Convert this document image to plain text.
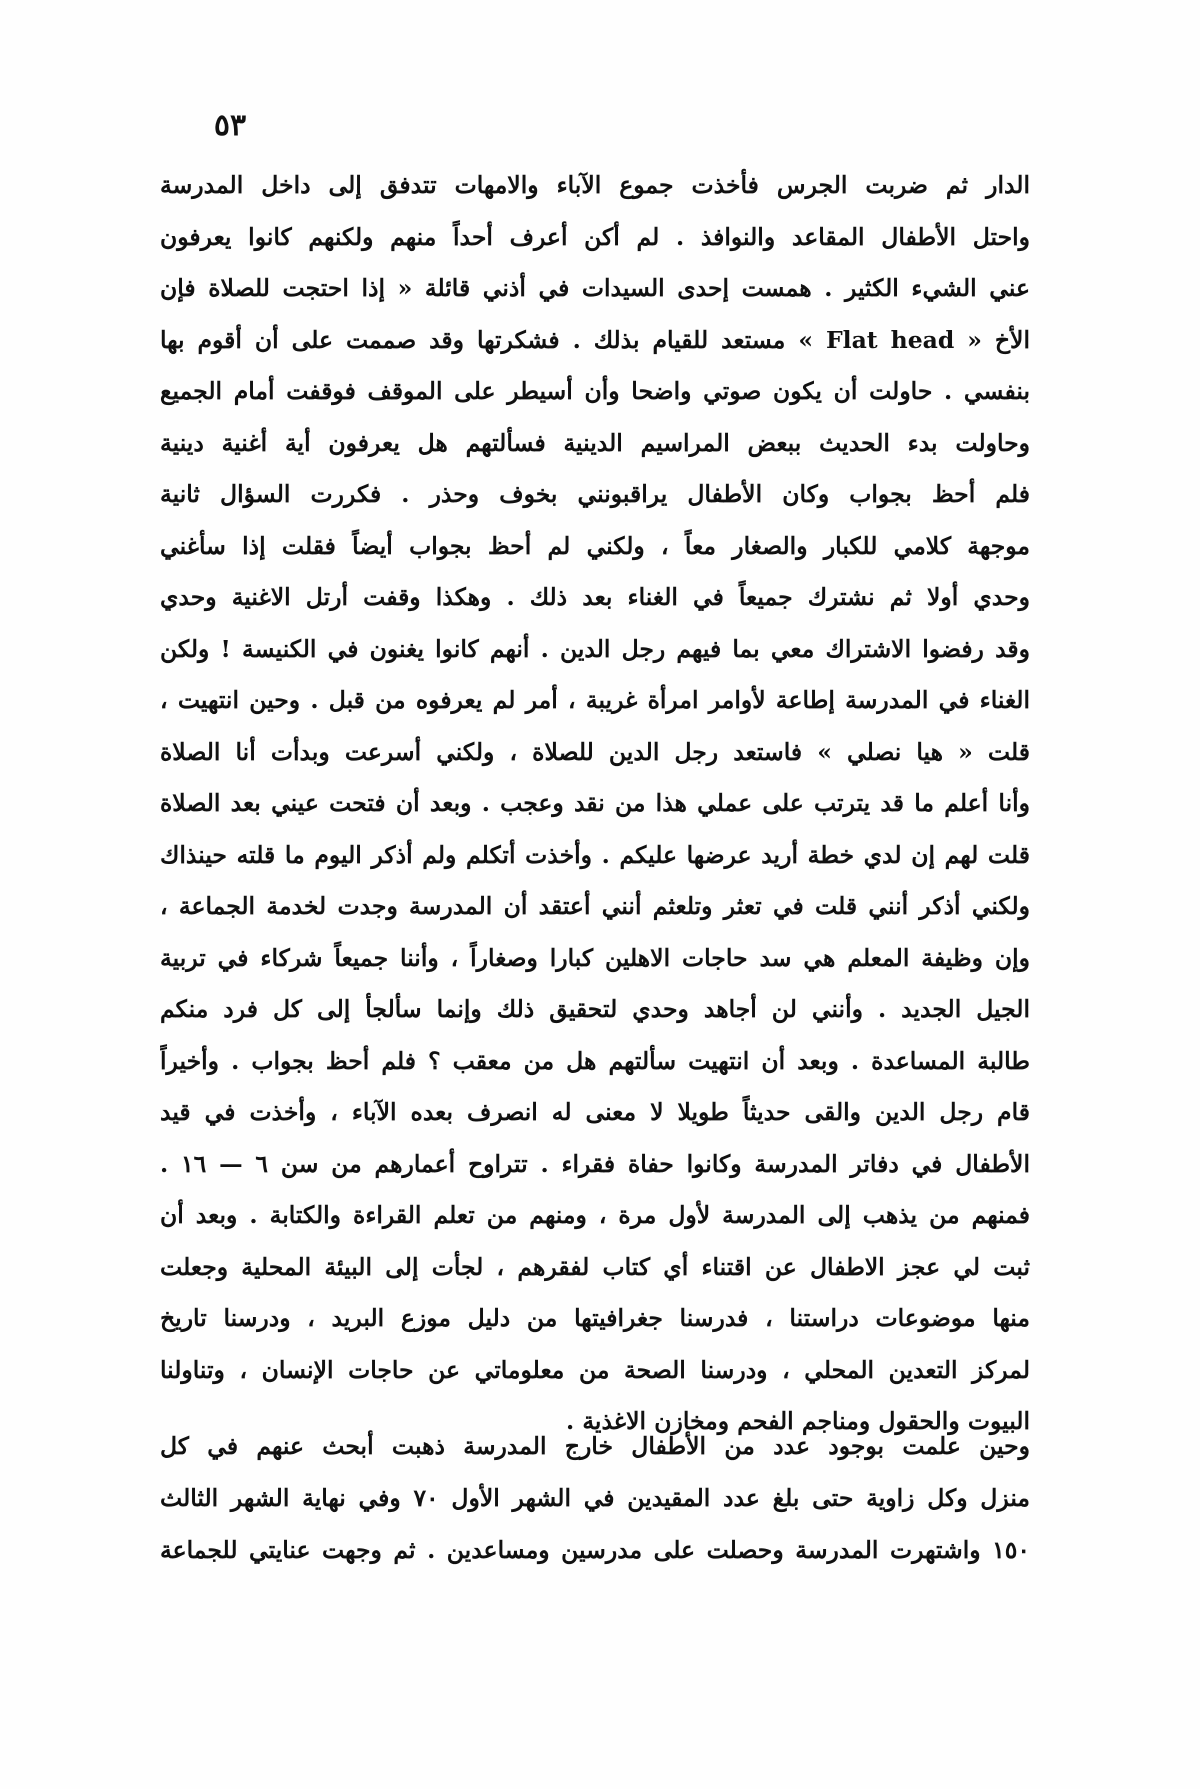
٥٣
الدار ثم ضربت الجرس فأخذت جموع الآباء والامهات تتدفق إلى داخل المدرسة
واحتل الأطفال المقاعد والنوافذ . لم أكن أعرف أحداً منهم ولكنهم كانوا يعرفون
عني الشيء الكثير . همست إحدى السيدات في أذني قائلة « إذا احتجت للصلاة فإن
الأخ « Flat head » مستعد للقيام بذلك . فشكرتها وقد صممت على أن أقوم بها
بنفسي . حاولت أن يكون صوتي واضحا وأن أسيطر على الموقف فوقفت أمام الجميع
وحاولت بدء الحديث ببعض المراسيم الدينية فسألتهم هل يعرفون أية أغنية دينية
فلم أحظ بجواب وكان الأطفال يراقبونني بخوف وحذر . فكررت السؤال ثانية
موجهة كلامي للكبار والصغار معاً ، ولكني لم أحظ بجواب أيضاً فقلت إذا سأغني
وحدي أولا ثم نشترك جميعاً في الغناء بعد ذلك . وهكذا وقفت أرتل الاغنية وحدي
وقد رفضوا الاشتراك معي بما فيهم رجل الدين . أنهم كانوا يغنون في الكنيسة ! ولكن
الغناء في المدرسة إطاعة لأوامر امرأة غريبة ، أمر لم يعرفوه من قبل . وحين انتهيت ،
قلت « هيا نصلي » فاستعد رجل الدين للصلاة ، ولكني أسرعت وبدأت أنا الصلاة
وأنا أعلم ما قد يترتب على عملي هذا من نقد وعجب . وبعد أن فتحت عيني بعد الصلاة
قلت لهم إن لدي خطة أريد عرضها عليكم . وأخذت أتكلم ولم أذكر اليوم ما قلته حينذاك
ولكني أذكر أنني قلت في تعثر وتلعثم أنني أعتقد أن المدرسة وجدت لخدمة الجماعة ،
وإن وظيفة المعلم هي سد حاجات الاهلين كبارا وصغاراً ، وأننا جميعاً شركاء في تربية
الجيل الجديد . وأنني لن أجاهد وحدي لتحقيق ذلك وإنما سألجأ إلى كل فرد منكم
طالبة المساعدة . وبعد أن انتهيت سألتهم هل من معقب ؟ فلم أحظ بجواب . وأخيراً
قام رجل الدين والقى حديثاً طويلا لا معنى له انصرف بعده الآباء ، وأخذت في قيد
الأطفال في دفاتر المدرسة وكانوا حفاة فقراء . تتراوح أعمارهم من سن ٦ — ١٦ .
فمنهم من يذهب إلى المدرسة لأول مرة ، ومنهم من تعلم القراءة والكتابة . وبعد أن
ثبت لي عجز الاطفال عن اقتناء أي كتاب لفقرهم ، لجأت إلى البيئة المحلية وجعلت
منها موضوعات دراستنا ، فدرسنا جغرافيتها من دليل موزع البريد ، ودرسنا تاريخ
لمركز التعدين المحلي ، ودرسنا الصحة من معلوماتي عن حاجات الإنسان ، وتناولنا
البيوت والحقول ومناجم الفحم ومخازن الاغذية .
وحين علمت بوجود عدد من الأطفال خارج المدرسة ذهبت أبحث عنهم في كل
منزل وكل زاوية حتى بلغ عدد المقيدين في الشهر الأول ٧٠ وفي نهاية الشهر الثالث
١٥٠ واشتهرت المدرسة وحصلت على مدرسين ومساعدين . ثم وجهت عنايتي للجماعة
